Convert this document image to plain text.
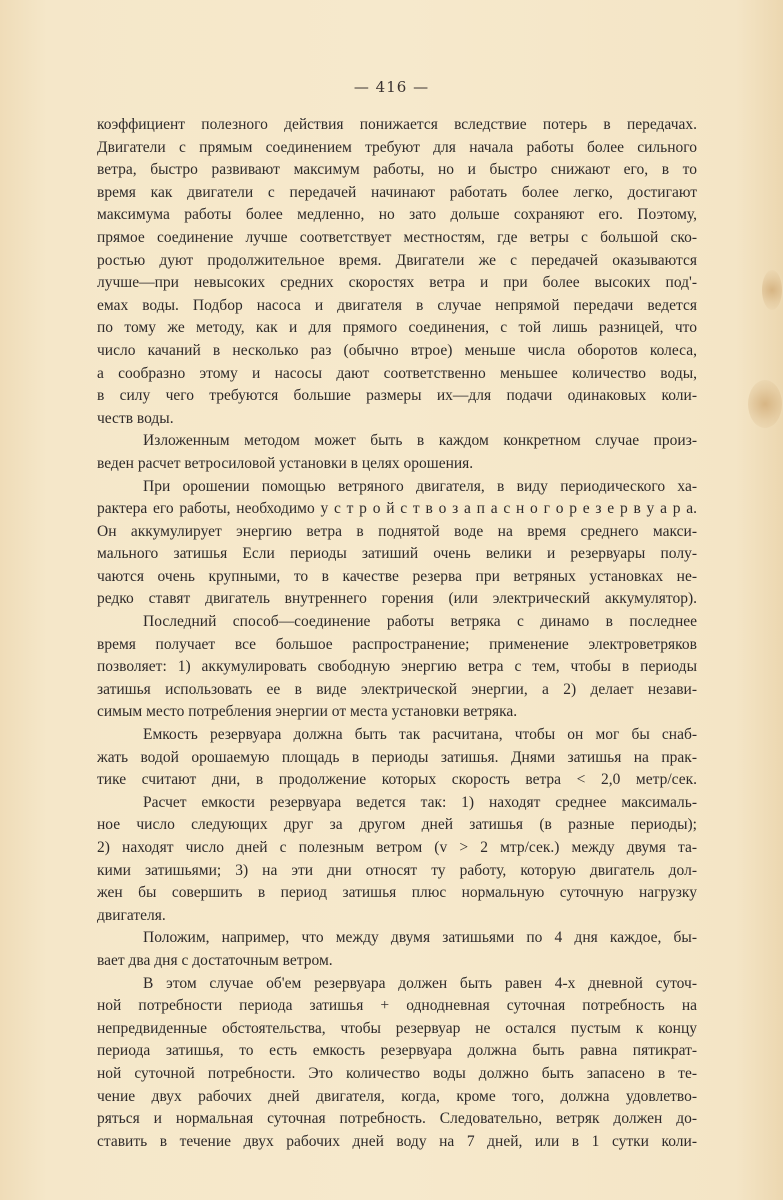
— 416 —
коэффициент полезного действия понижается вследствие потерь в передачах.
Двигатели с прямым соединением требуют для начала работы более сильного
ветра, быстро развивают максимум работы, но и быстро снижают его, в то
время как двигатели с передачей начинают работать более легко, достигают
максимума работы более медленно, но зато дольше сохраняют его. Поэтому,
прямое соединение лучше соответствует местностям, где ветры с большой ско-
ростью дуют продолжительное время. Двигатели же с передачей оказываются
лучше—при невысоких средних скоростях ветра и при более высоких под'-
емах воды. Подбор насоса и двигателя в случае непрямой передачи ведется
по тому же методу, как и для прямого соединения, с той лишь разницей, что
число качаний в несколько раз (обычно втрое) меньше числа оборотов колеса,
а сообразно этому и насосы дают соответственно меньшее количество воды,
в силу чего требуются большие размеры их—для подачи одинаковых коли-
честв воды.
Изложенным методом может быть в каждом конкретном случае произ-
веден расчет ветросиловой установки в целях орошения.
При орошении помощью ветряного двигателя, в виду периодического ха-
рактера его работы, необходимо у с т р о й с т в о з а п а с н о г о р е з е р в у а р а.
Он аккумулирует энергию ветра в поднятой воде на время среднего макси-
мального затишья Если периоды затиший очень велики и резервуары полу-
чаются очень крупными, то в качестве резерва при ветряных установках не-
редко ставят двигатель внутреннего горения (или электрический аккумулятор).
Последний способ—соединение работы ветряка с динамо в последнее
время получает все большое распространение; применение электроветряков
позволяет: 1) аккумулировать свободную энергию ветра с тем, чтобы в периоды
затишья использовать ее в виде электрической энергии, а 2) делает незави-
симым место потребления энергии от места установки ветряка.
Емкость резервуара должна быть так расчитана, чтобы он мог бы снаб-
жать водой орошаемую площадь в периоды затишья. Днями затишья на прак-
тике считают дни, в продолжение которых скорость ветра < 2,0 метр/сек.
Расчет емкости резервуара ведется так: 1) находят среднее максималь-
ное число следующих друг за другом дней затишья (в разные периоды);
2) находят число дней с полезным ветром (v > 2 мтр/сек.) между двумя та-
кими затишьями; 3) на эти дни относят ту работу, которую двигатель дол-
жен бы совершить в период затишья плюс нормальную суточную нагрузку
двигателя.
Положим, например, что между двумя затишьями по 4 дня каждое, бы-
вает два дня с достаточным ветром.
В этом случае об'ем резервуара должен быть равен 4-х дневной суточ-
ной потребности периода затишья + однодневная суточная потребность на
непредвиденные обстоятельства, чтобы резервуар не остался пустым к концу
периода затишья, то есть емкость резервуара должна быть равна пятикрат-
ной суточной потребности. Это количество воды должно быть запасено в те-
чение двух рабочих дней двигателя, когда, кроме того, должна удовлетво-
ряться и нормальная суточная потребность. Следовательно, ветряк должен до-
ставить в течение двух рабочих дней воду на 7 дней, или в 1 сутки коли-
